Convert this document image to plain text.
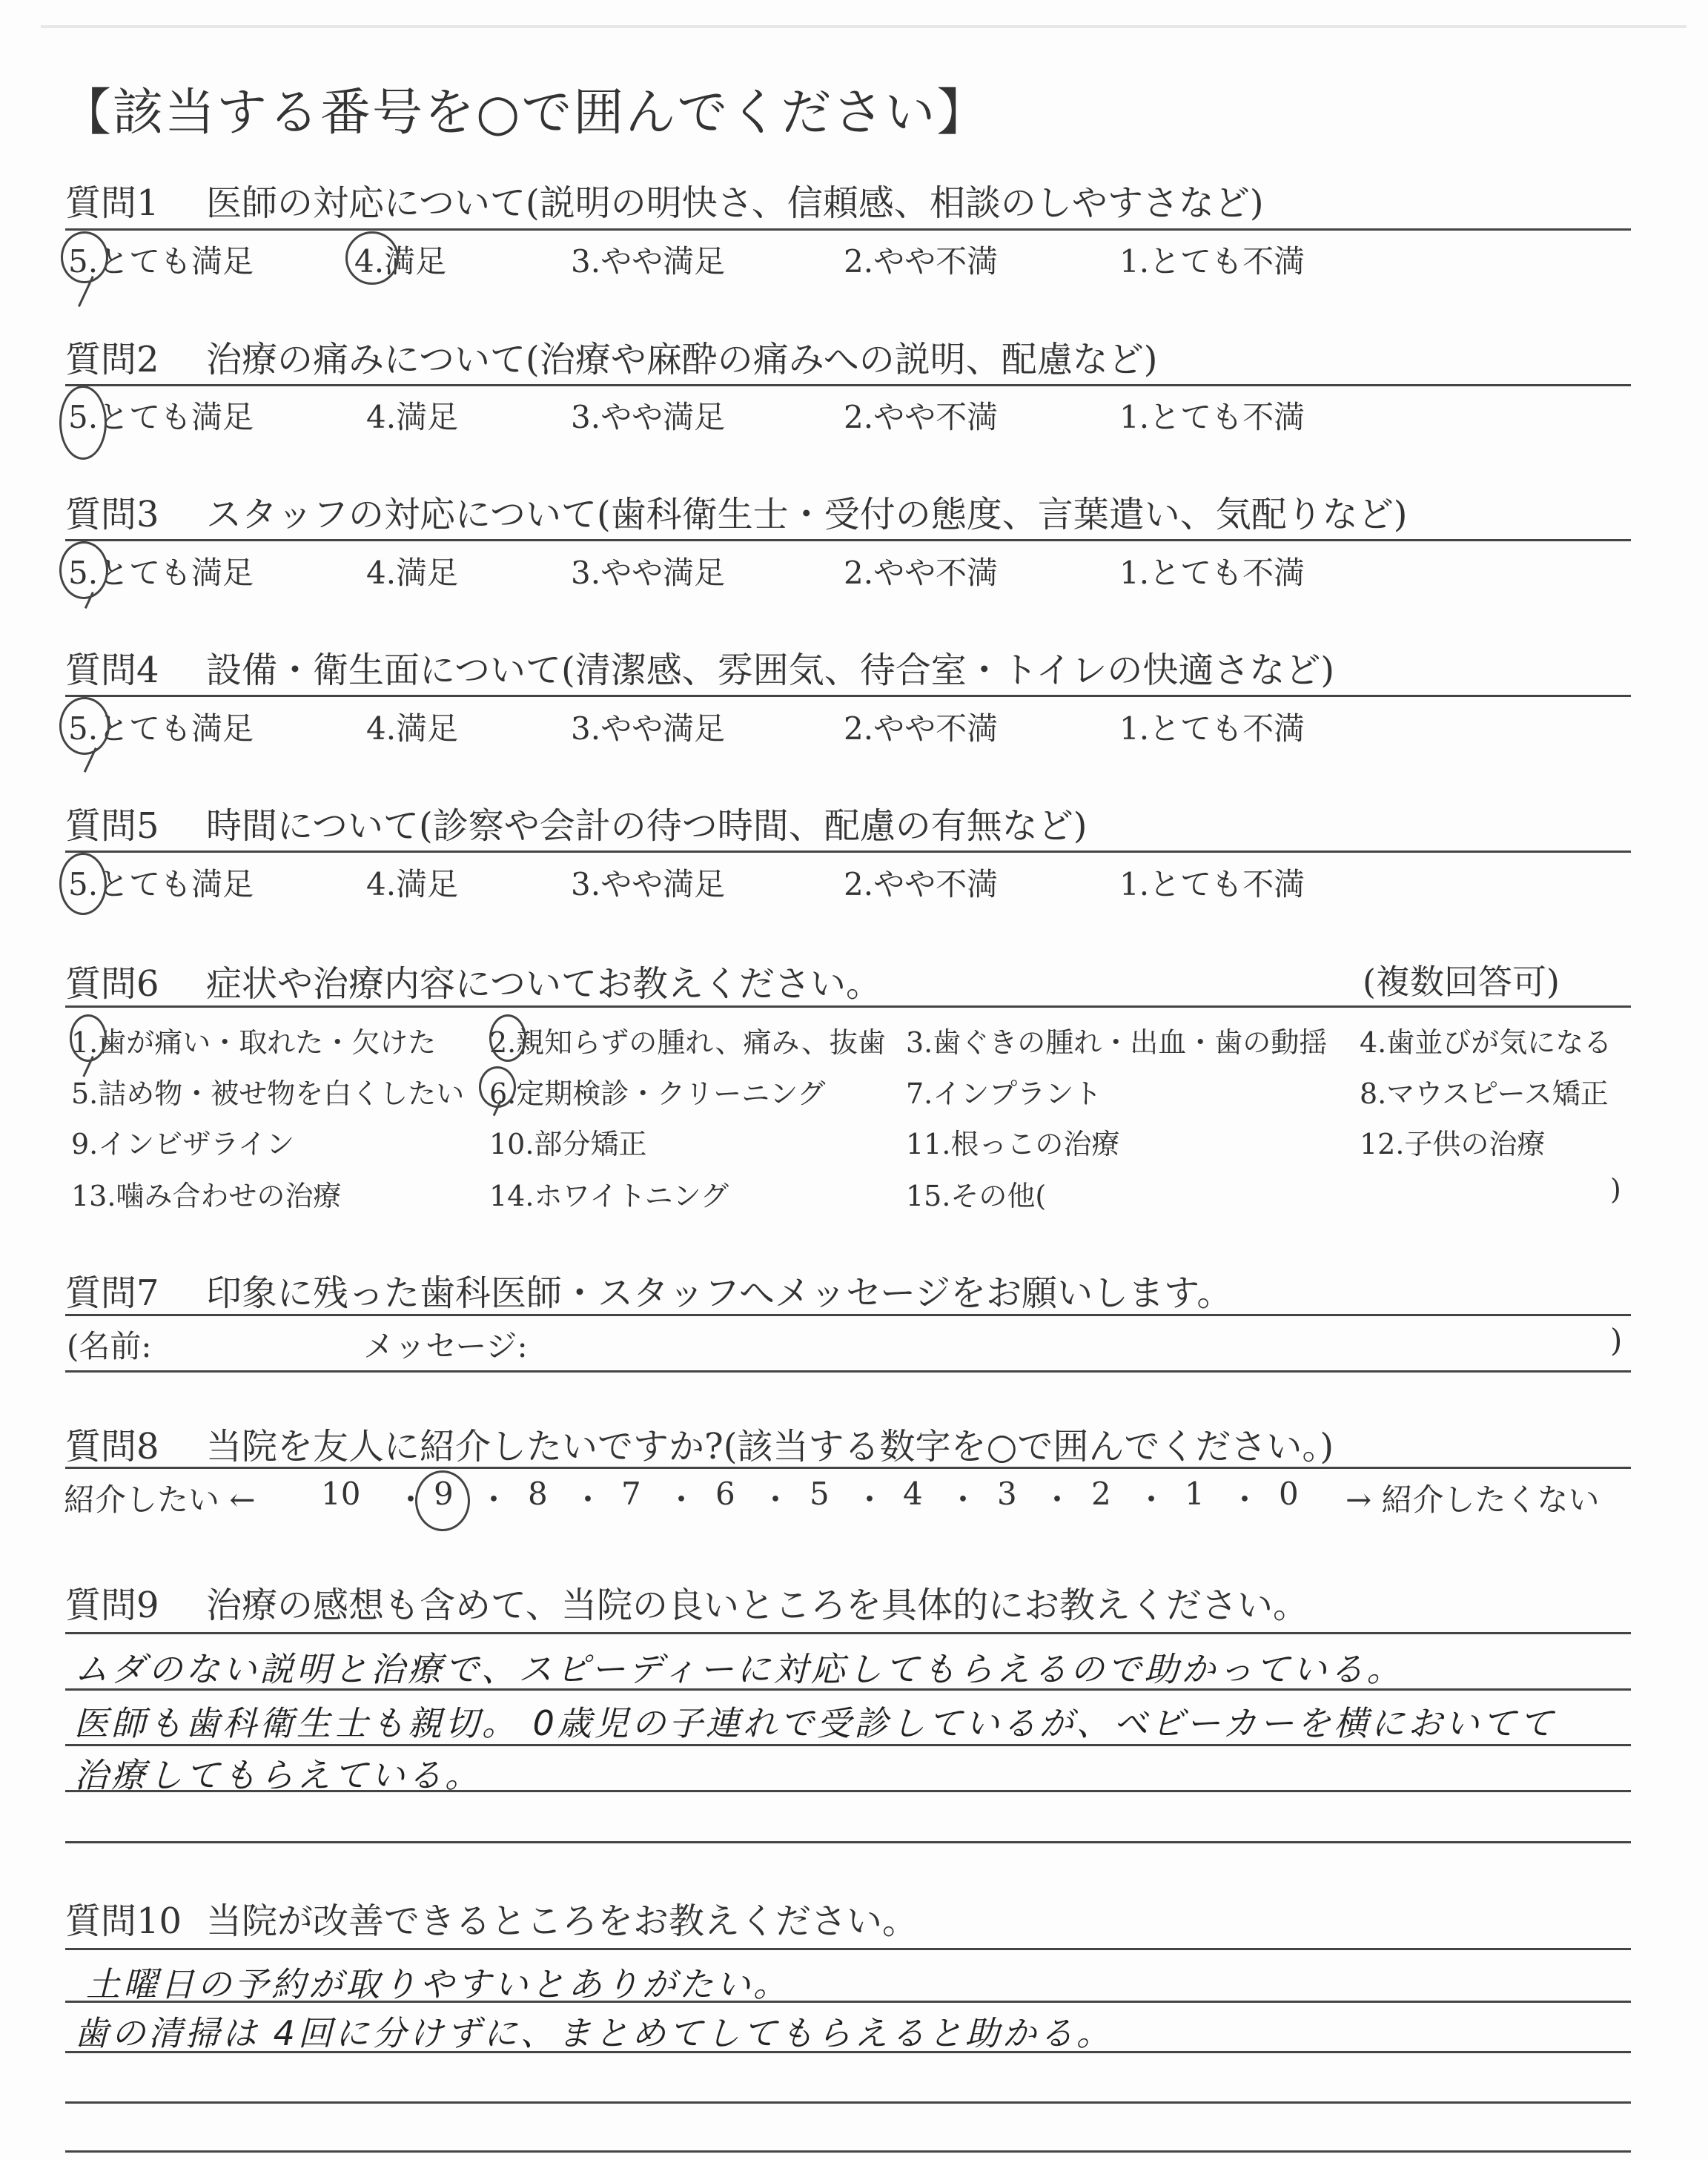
【該当する番号を○で囲んでください】
質問1 医師の対応について(説明の明快さ、信頼感、相談のしやすさなど)
5.とても満足	4.満足	3.やや満足	2.やや不満	1.とても不満
質問2 治療の痛みについて(治療や麻酔の痛みへの説明、配慮など)
5.とても満足	4.満足	3.やや満足	2.やや不満	1.とても不満
質問3 スタッフの対応について(歯科衛生士・受付の態度、言葉遣い、気配りなど)
5.とても満足	4.満足	3.やや満足	2.やや不満	1.とても不満
質問4 設備・衛生面について(清潔感、雰囲気、待合室・トイレの快適さなど)
5.とても満足	4.満足	3.やや満足	2.やや不満	1.とても不満
質問5 時間について(診察や会計の待つ時間、配慮の有無など)
5.とても満足	4.満足	3.やや満足	2.やや不満	1.とても不満
質問6 症状や治療内容についてお教えください。	(複数回答可)
1.歯が痛い・取れた・欠けた 2.親知らずの腫れ、痛み、抜歯 3.歯ぐきの腫れ・出血・歯の動揺 4.歯並びが気になる
5.詰め物・被せ物を白くしたい 6.定期検診・クリーニング	7.インプラント	8.マウスピース矯正
9.インビザライン	10.部分矯正	11.根っこの治療	12.子供の治療
13.噛み合わせの治療	14.ホワイトニング	15.その他(	)
質問7 印象に残った歯科医師・スタッフへメッセージをお願いします。
(名前:	メッセージ:	)
質問8 当院を友人に紹介したいですか?(該当する数字を○で囲んでください。)
紹介したい ←	→ 紹介したくない
10 ・ 9 ・ 8 ・ 7 ・ 6 ・ 5 ・ 4 ・ 3 ・ 2 ・ 1 ・ 0
質問9 治療の感想も含めて、当院の良いところを具体的にお教えください。
ムダのない説明と治療で、スピーディーに対応してもらえるので助かっている。
医師も歯科衛生士も親切。 0歳児の子連れで受診しているが、ベビーカーを横においてて
治療してもらえている。
質問10 当院が改善できるところをお教えください。
土曜日の予約が取りやすいとありがたい。
歯の清掃は 4回に分けずに、まとめてしてもらえると助かる。
